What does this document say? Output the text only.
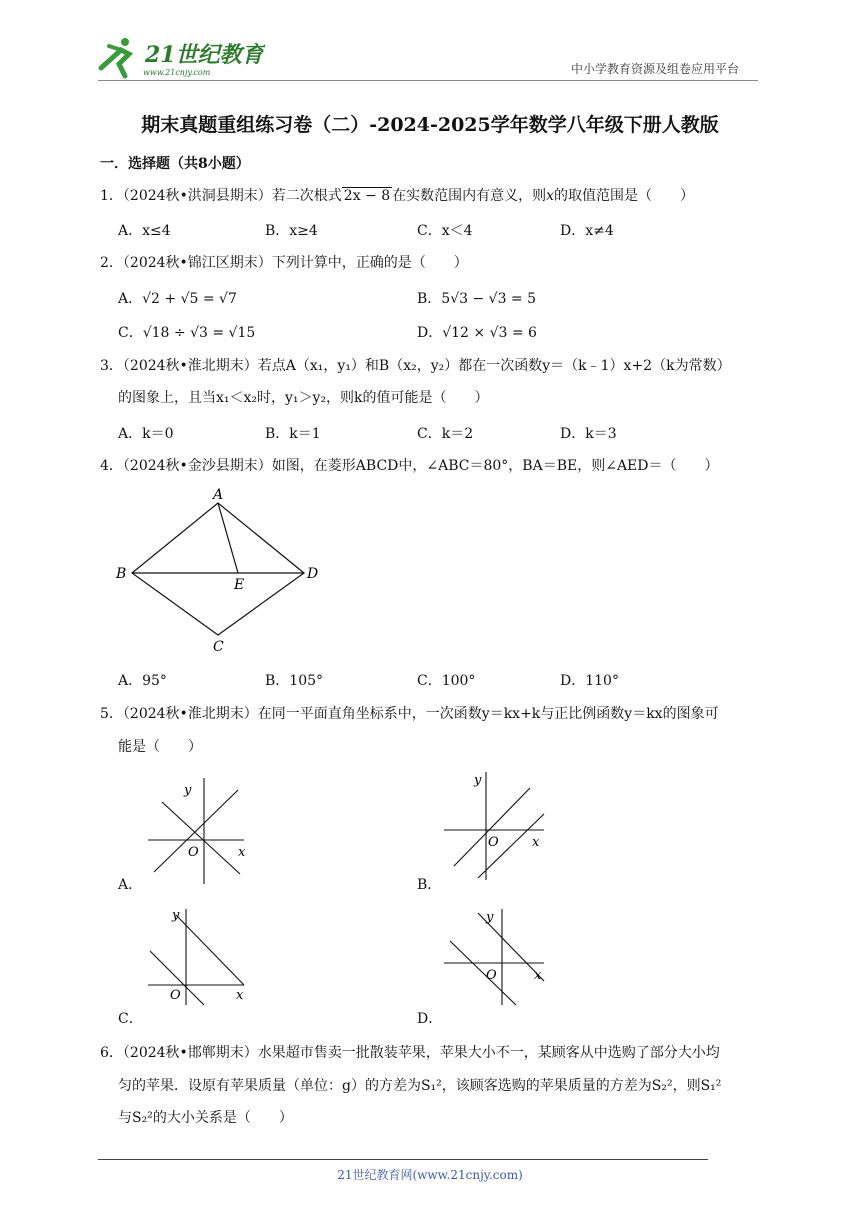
21世纪教育
www.21cnjy.com	中小学教育资源及组卷应用平台
期末真题重组练习卷（二）-2024-2025学年数学八年级下册人教版
一．选择题（共8小题）
1．（2024秋•洪洞县期末）若二次根式 2x − 8 在实数范围内有意义，则x的取值范围是（　　）
A．x≤4	B．x≥4	C．x＜4	D．x≠4
2．（2024秋•锦江区期末）下列计算中，正确的是（　　）
A．√2 + √5 = √7	B．5√3 − √3 = 5
C．√18 ÷ √3 = √15	D．√12 × √3 = 6
3．（2024秋•淮北期末）若点A（x₁，y₁）和B（x₂，y₂）都在一次函数y＝（k﹣1）x+2（k为常数）
的图象上，且当x₁＜x₂时，y₁＞y₂，则k的值可能是（　　）
A．k＝0	B．k＝1	C．k＝2	D．k＝3
4．（2024秋•金沙县期末）如图，在菱形ABCD中，∠ABC＝80°，BA＝BE，则∠AED＝（　　）
A
B
C
D
E
A．95°	B．105°	C．100°	D．110°
5．（2024秋•淮北期末）在同一平面直角坐标系中，一次函数y＝kx+k与正比例函数y＝kx的图象可
能是（　　）
y
x
O
A．
y
x
O
B．
y
x
O
C．
y
x
O
D．
6．（2024秋•邯郸期末）水果超市售卖一批散装苹果，苹果大小不一，某顾客从中选购了部分大小均
匀的苹果．设原有苹果质量（单位：g）的方差为S₁²，该顾客选购的苹果质量的方差为S₂²，则S₁²
与S₂²的大小关系是（　　）
21世纪教育网(www.21cnjy.com)
